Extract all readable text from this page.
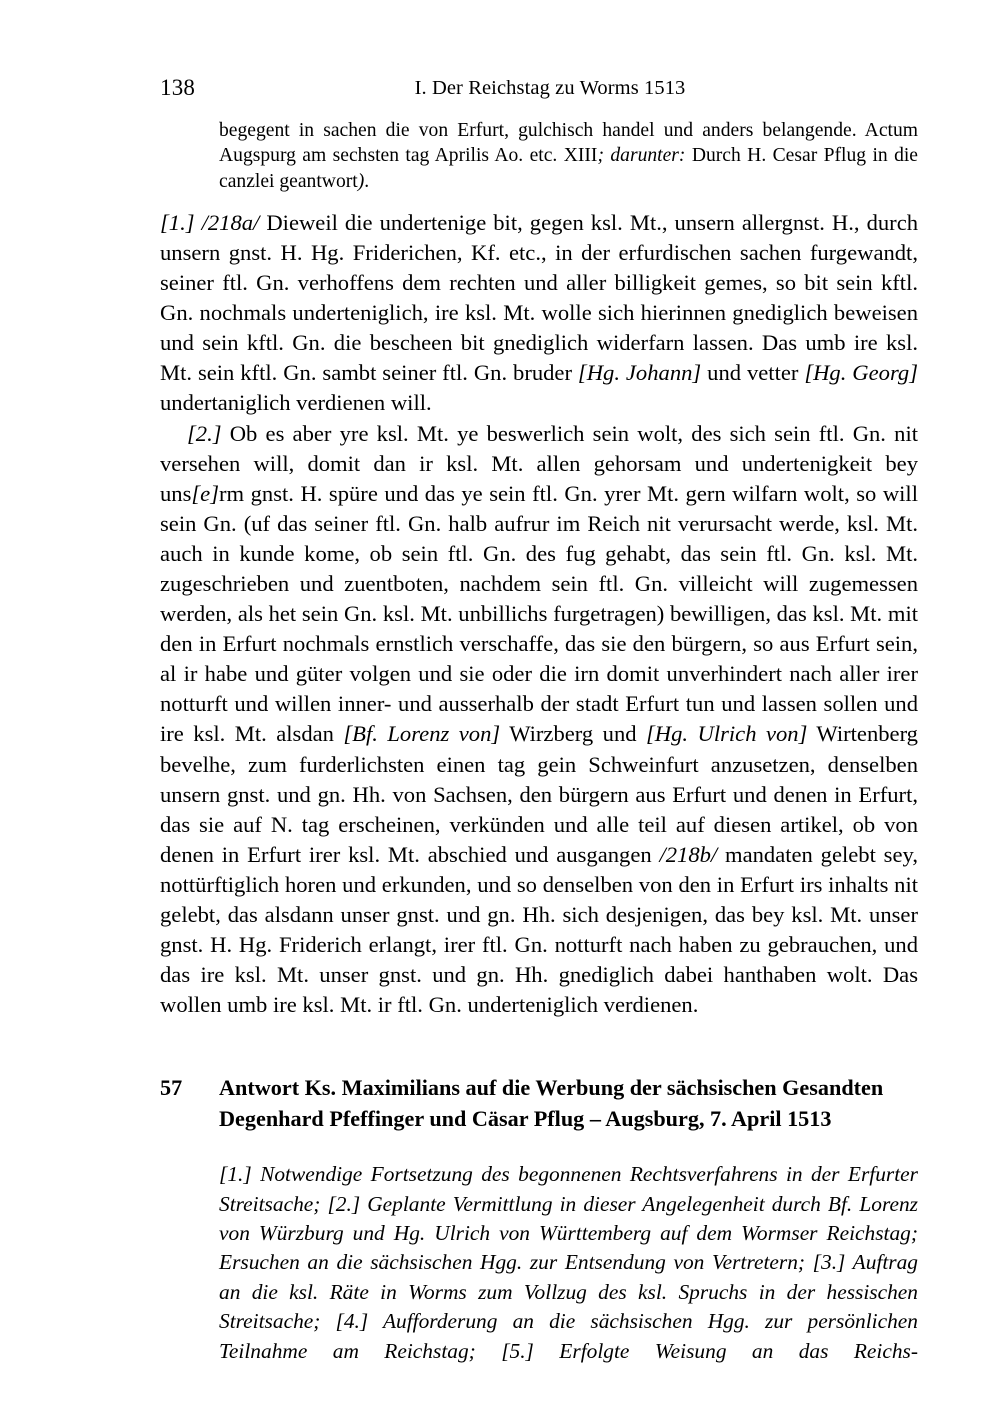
138	I. Der Reichstag zu Worms 1513
begegent in sachen die von Erfurt, gulchisch handel und anders belangende. Actum Augspurg am sechsten tag Aprilis Ao. etc. XIII; darunter: Durch H. Cesar Pflug in die canzlei geantwort).

[1.] /218a/ Dieweil die undertenige bit, gegen ksl. Mt., unsern allergnst. H., durch unsern gnst. H. Hg. Friderichen, Kf. etc., in der erfurdischen sachen furgewandt, seiner ftl. Gn. verhoffens dem rechten und aller billigkeit gemes, so bit sein kftl. Gn. nochmals underteniglich, ire ksl. Mt. wolle sich hierinnen gnediglich beweisen und sein kftl. Gn. die bescheen bit gnediglich widerfarn lassen. Das umb ire ksl. Mt. sein kftl. Gn. sambt seiner ftl. Gn. bruder [Hg. Johann] und vetter [Hg. Georg] undertaniglich verdienen will.

[2.] Ob es aber yre ksl. Mt. ye beswerlich sein wolt, des sich sein ftl. Gn. nit versehen will, domit dan ir ksl. Mt. allen gehorsam und undertenigkeit bey uns[e]rm gnst. H. spüre und das ye sein ftl. Gn. yrer Mt. gern wilfarn wolt, so will sein Gn. (uf das seiner ftl. Gn. halb aufrur im Reich nit verursacht werde, ksl. Mt. auch in kunde kome, ob sein ftl. Gn. des fug gehabt, das sein ftl. Gn. ksl. Mt. zugeschrieben und zuentboten, nachdem sein ftl. Gn. villeicht will zugemessen werden, als het sein Gn. ksl. Mt. unbillichs furgetragen) bewilligen, das ksl. Mt. mit den in Erfurt nochmals ernstlich verschaffe, das sie den bürgern, so aus Erfurt sein, al ir habe und güter volgen und sie oder die irn domit unverhindert nach aller irer notturft und willen inner- und ausserhalb der stadt Erfurt tun und lassen sollen und ire ksl. Mt. alsdan [Bf. Lorenz von] Wirzberg und [Hg. Ulrich von] Wirtenberg bevelhe, zum furderlichsten einen tag gein Schweinfurt anzusetzen, denselben unsern gnst. und gn. Hh. von Sachsen, den bürgern aus Erfurt und denen in Erfurt, das sie auf N. tag erscheinen, verkünden und alle teil auf diesen artikel, ob von denen in Erfurt irer ksl. Mt. abschied und ausgangen /218b/ mandaten gelebt sey, nottürftiglich horen und erkunden, und so denselben von den in Erfurt irs inhalts nit gelebt, das alsdann unser gnst. und gn. Hh. sich desjenigen, das bey ksl. Mt. unser gnst. H. Hg. Friderich erlangt, irer ftl. Gn. notturft nach haben zu gebrauchen, und das ire ksl. Mt. unser gnst. und gn. Hh. gnediglich dabei hanthaben wolt. Das wollen umb ire ksl. Mt. ir ftl. Gn. underteniglich verdienen.

57 Antwort Ks. Maximilians auf die Werbung der sächsischen Gesandten Degenhard Pfeffinger und Cäsar Pflug – Augsburg, 7. April 1513
[1.] Notwendige Fortsetzung des begonnenen Rechtsverfahrens in der Erfurter Streitsache; [2.] Geplante Vermittlung in dieser Angelegenheit durch Bf. Lorenz von Würzburg und Hg. Ulrich von Württemberg auf dem Wormser Reichstag; Ersuchen an die sächsischen Hgg. zur Entsendung von Vertretern; [3.] Auftrag an die ksl. Räte in Worms zum Vollzug des ksl. Spruchs in der hessischen Streitsache; [4.] Aufforderung an die sächsischen Hgg. zur persönlichen Teilnahme am Reichstag; [5.] Erfolgte Weisung an das Reichs-
